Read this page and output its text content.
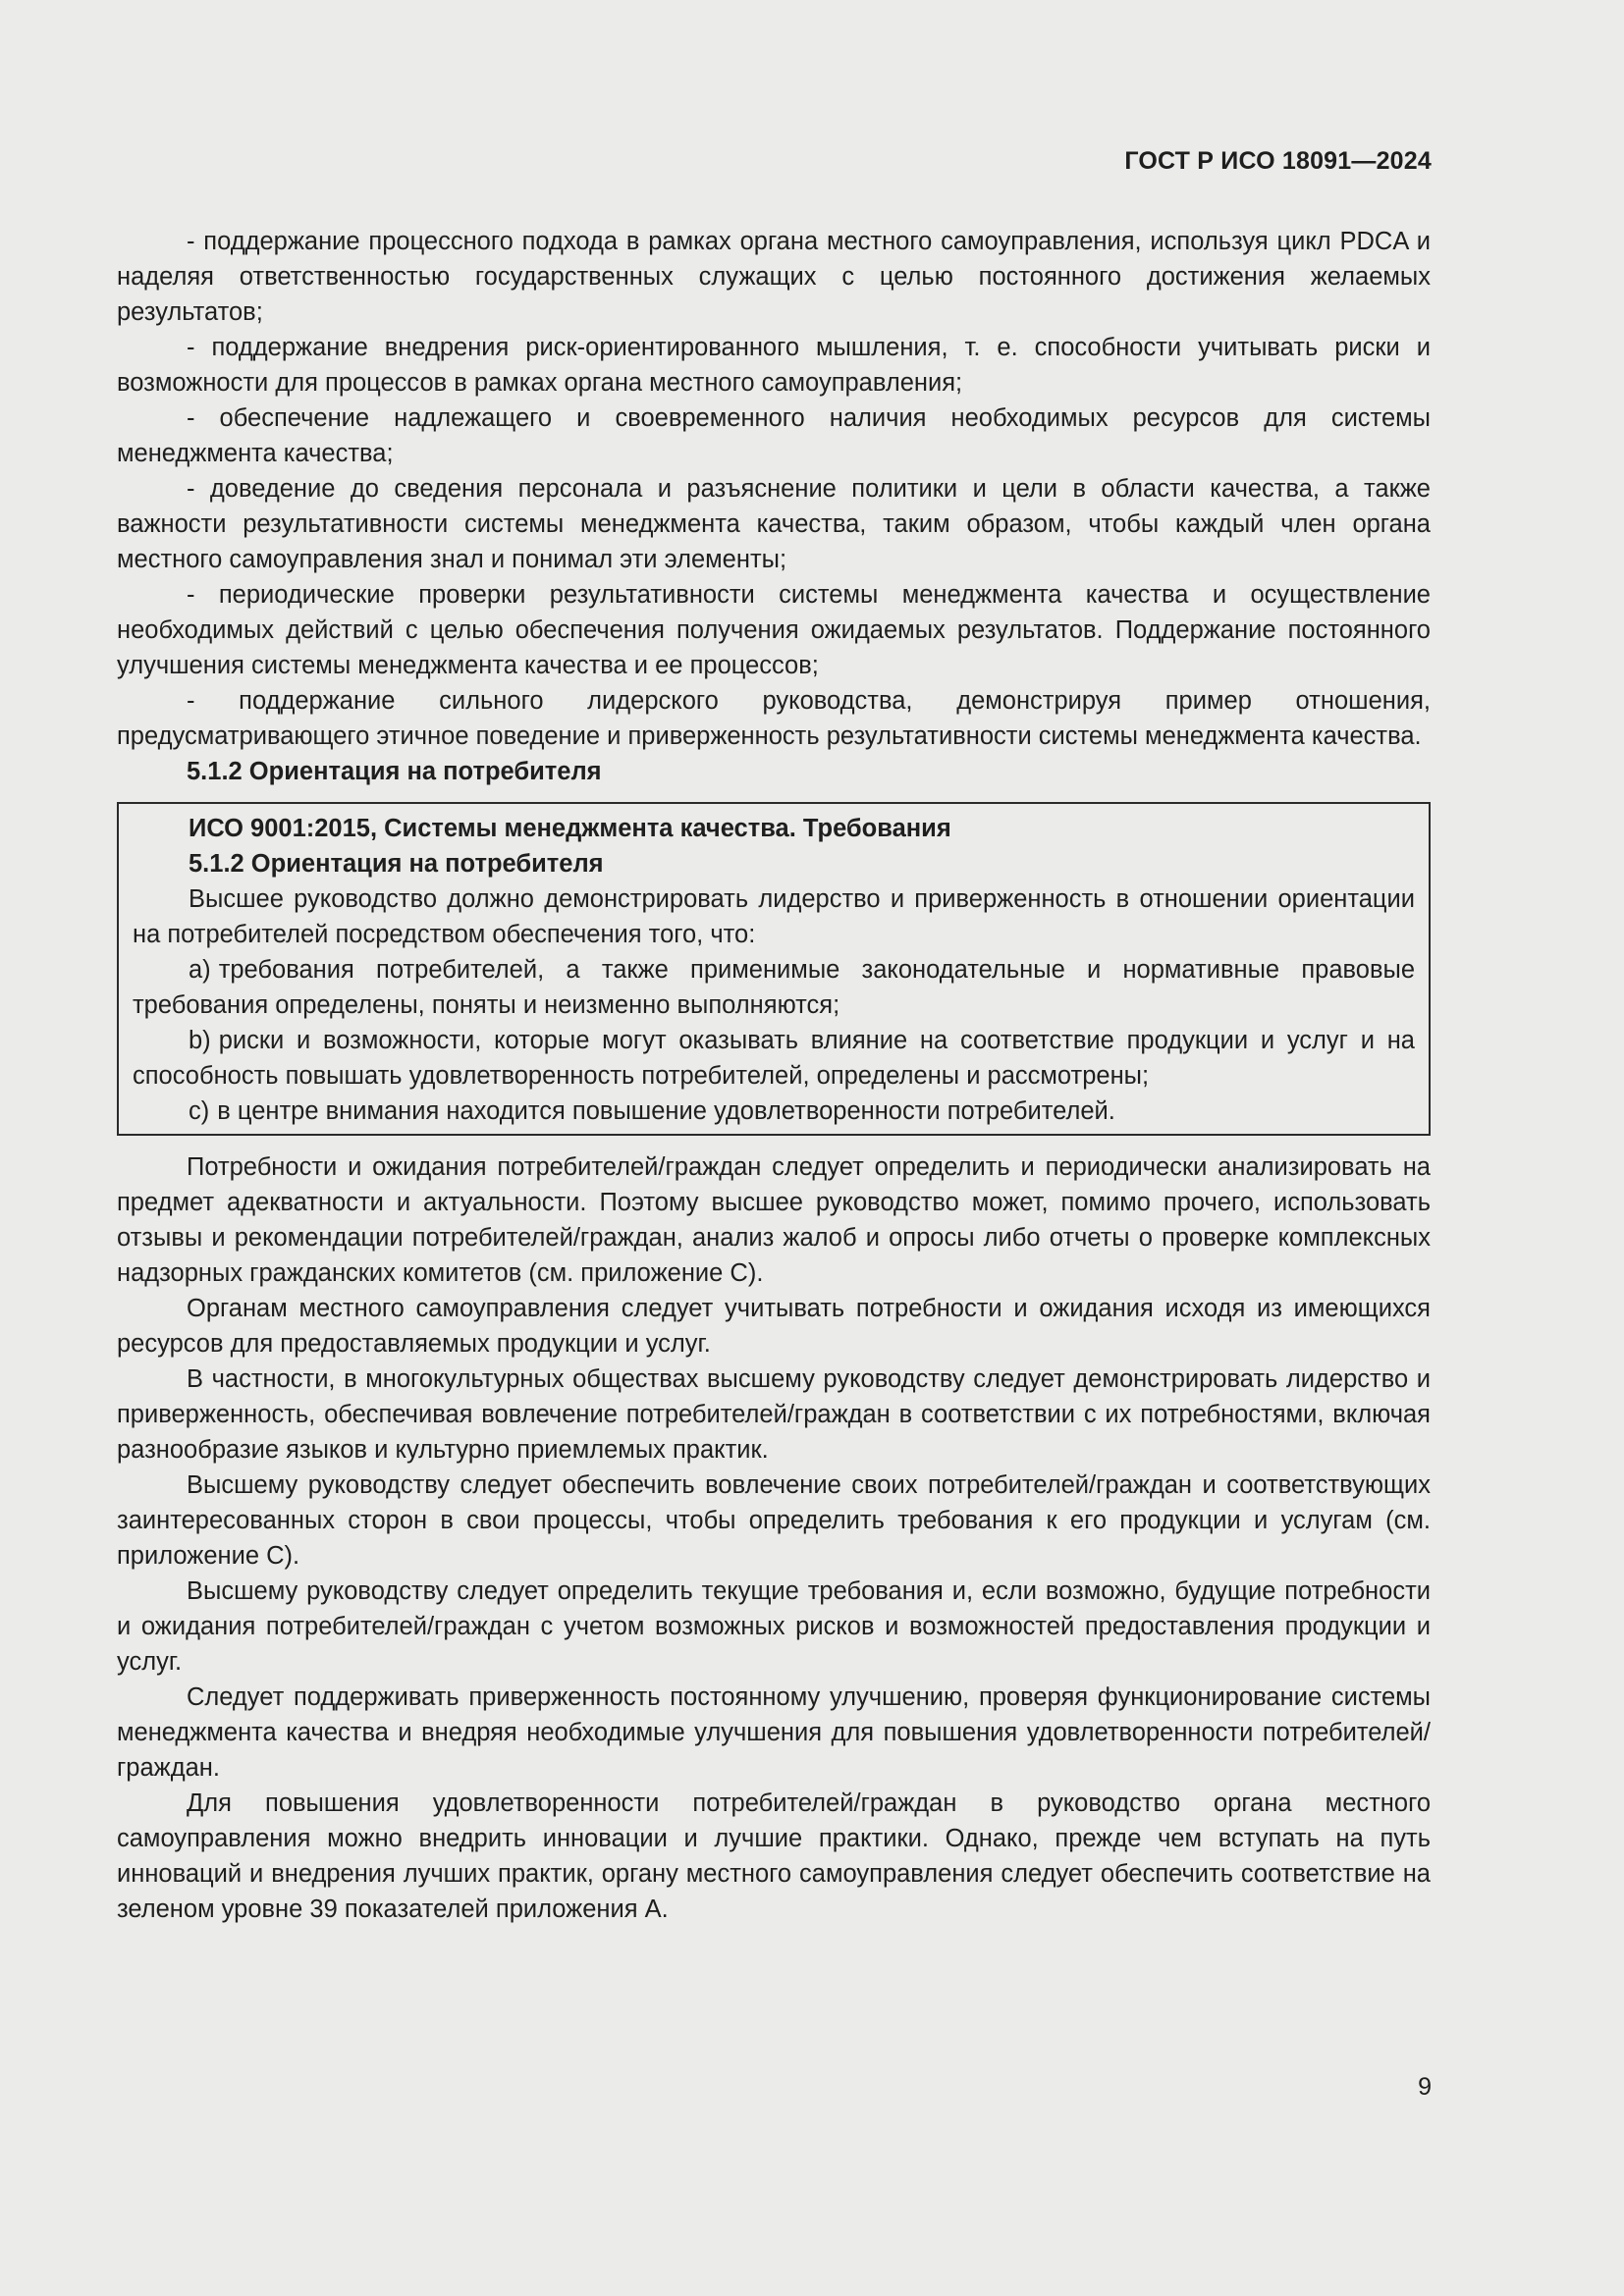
ГОСТ Р ИСО 18091—2024

- поддержание процессного подхода в рамках органа местного самоуправления, используя цикл PDCA и наделяя ответственностью государственных служащих с целью постоянного достижения желаемых результатов;

- поддержание внедрения риск-ориентированного мышления, т. е. способности учитывать риски и возможности для процессов в рамках органа местного самоуправления;

- обеспечение надлежащего и своевременного наличия необходимых ресурсов для системы менеджмента качества;

- доведение до сведения персонала и разъяснение политики и цели в области качества, а также важности результативности системы менеджмента качества, таким образом, чтобы каждый член органа местного самоуправления знал и понимал эти элементы;

- периодические проверки результативности системы менеджмента качества и осуществление необходимых действий с целью обеспечения получения ожидаемых результатов. Поддержание постоянного улучшения системы менеджмента качества и ее процессов;

- поддержание сильного лидерского руководства, демонстрируя пример отношения, предусматривающего этичное поведение и приверженность результативности системы менеджмента качества.

5.1.2 Ориентация на потребителя
ИСО 9001:2015, Системы менеджмента качества. Требования
5.1.2 Ориентация на потребителя

Высшее руководство должно демонстрировать лидерство и приверженность в отношении ориентации на потребителей посредством обеспечения того, что:

a) требования потребителей, а также применимые законодательные и нормативные правовые требования определены, поняты и неизменно выполняются;

b) риски и возможности, которые могут оказывать влияние на соответствие продукции и услуг и на способность повышать удовлетворенность потребителей, определены и рассмотрены;

c) в центре внимания находится повышение удовлетворенности потребителей.

Потребности и ожидания потребителей/граждан следует определить и периодически анализировать на предмет адекватности и актуальности. Поэтому высшее руководство может, помимо прочего, использовать отзывы и рекомендации потребителей/граждан, анализ жалоб и опросы либо отчеты о проверке комплексных надзорных гражданских комитетов (см. приложение С).

Органам местного самоуправления следует учитывать потребности и ожидания исходя из имеющихся ресурсов для предоставляемых продукции и услуг.

В частности, в многокультурных обществах высшему руководству следует демонстрировать лидерство и приверженность, обеспечивая вовлечение потребителей/граждан в соответствии с их потребностями, включая разнообразие языков и культурно приемлемых практик.

Высшему руководству следует обеспечить вовлечение своих потребителей/граждан и соответствующих заинтересованных сторон в свои процессы, чтобы определить требования к его продукции и услугам (см. приложение С).

Высшему руководству следует определить текущие требования и, если возможно, будущие потребности и ожидания потребителей/граждан с учетом возможных рисков и возможностей предоставления продукции и услуг.

Следует поддерживать приверженность постоянному улучшению, проверяя функционирование системы менеджмента качества и внедряя необходимые улучшения для повышения удовлетворенности потребителей/граждан.

Для повышения удовлетворенности потребителей/граждан в руководство органа местного самоуправления можно внедрить инновации и лучшие практики. Однако, прежде чем вступать на путь инноваций и внедрения лучших практик, органу местного самоуправления следует обеспечить соответствие на зеленом уровне 39 показателей приложения А.

9
